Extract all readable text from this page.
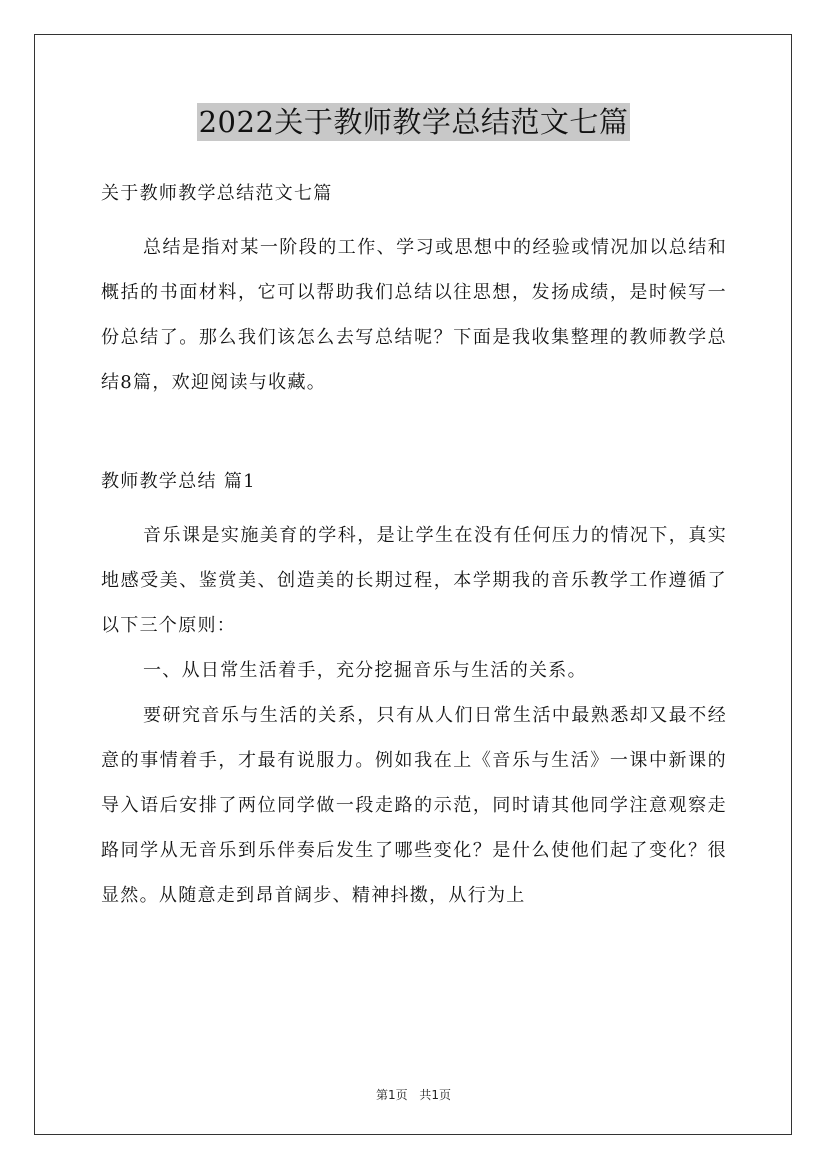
2022关于教师教学总结范文七篇

关于教师教学总结范文七篇

总结是指对某一阶段的工作、学习或思想中的经验或情况加以总结和概括的书面材料，它可以帮助我们总结以往思想，发扬成绩，是时候写一份总结了。那么我们该怎么去写总结呢？下面是我收集整理的教师教学总结8篇，欢迎阅读与收藏。

教师教学总结 篇1

音乐课是实施美育的学科，是让学生在没有任何压力的情况下，真实地感受美、鉴赏美、创造美的长期过程，本学期我的音乐教学工作遵循了以下三个原则：

一、从日常生活着手，充分挖掘音乐与生活的关系。

要研究音乐与生活的关系，只有从人们日常生活中最熟悉却又最不经意的事情着手，才最有说服力。例如我在上《音乐与生活》一课中新课的导入语后安排了两位同学做一段走路的示范，同时请其他同学注意观察走路同学从无音乐到乐伴奏后发生了哪些变化？是什么使他们起了变化？很显然。从随意走到昂首阔步、精神抖擞，从行为上

第1页 共1页
